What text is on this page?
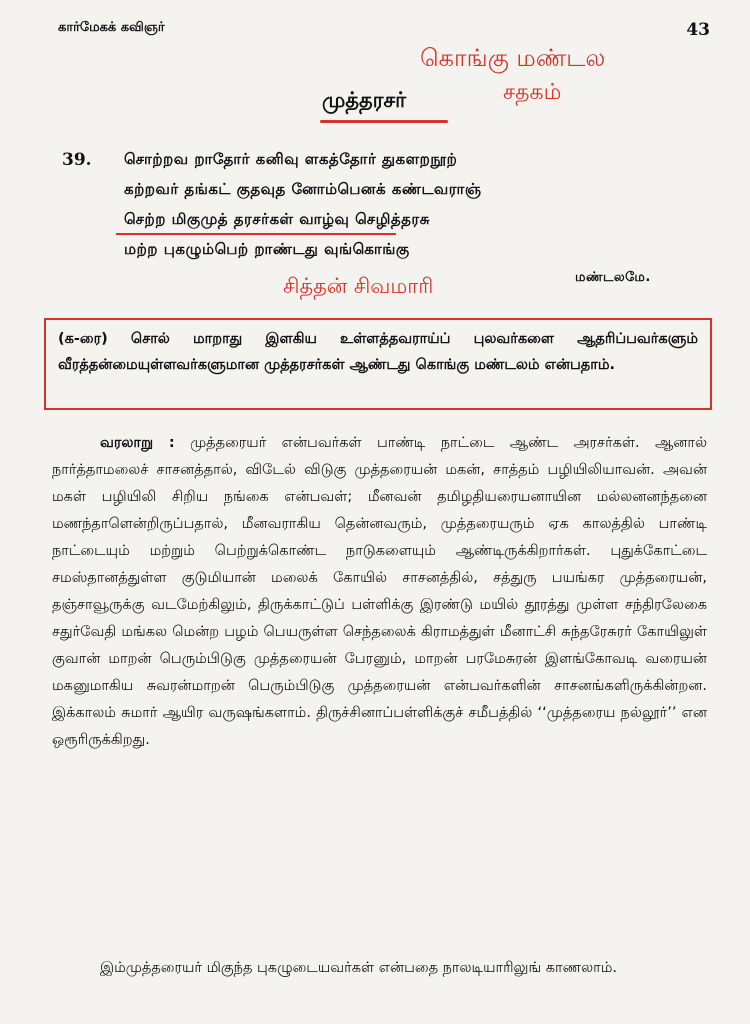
கார்மேகக் கவிஞர்	43
கொங்கு மண்டல
சதகம்
முத்தரசர்
39. சொற்றவ றாதோர் கனிவு ளகத்தோர் துகளறநூற்
கற்றவர் தங்கட் குதவுத னோம்பெனக் கண்டவராஞ்
செற்ற மிகுமுத் தரசர்கள் வாழ்வு செழித்தரசு
மற்ற புகழும்பெற் றாண்டது வுங்கொங்கு
மண்டலமே.
சித்தன் சிவமாரி
(க-ரை) சொல் மாறாது இளகிய உள்ளத்தவராய்ப் புலவர்களை ஆதரிப்பவர்களும் வீரத்தன்மையுள்ளவர்களுமான முத்தரசர்கள் ஆண்டது கொங்கு மண்டலம் என்பதாம்.

வரலாறு : முத்தரையர் என்பவர்கள் பாண்டி நாட்டை ஆண்ட அரசர்கள். ஆனால் நார்த்தாமலைச் சாசனத்தால், விடேல் விடுகு முத்தரையன் மகன், சாத்தம் பழியிலியாவன். அவன் மகள் பழியிலி சிறிய நங்கை என்பவள்; மீனவன் தமிழதியரையனாயின மல்லனனந்தனை மணந்தாளென்றிருப்பதால், மீனவராகிய தென்னவரும், முத்தரையரும் ஏக காலத்தில் பாண்டி நாட்டையும் மற்றும் பெற்றுக்கொண்ட நாடுகளையும் ஆண்டிருக்கிறார்கள். புதுக்கோட்டை சமஸ்தானத்துள்ள குடுமியான் மலைக் கோயில் சாசனத்தில், சத்துரு பயங்கர முத்தரையன், தஞ்சாவூருக்கு வடமேற்கிலும், திருக்காட்டுப் பள்ளிக்கு இரண்டு மயில் தூரத்து முள்ள சந்திரலேகை சதுர்வேதி மங்கல மென்ற பழம் பெயருள்ள செந்தலைக் கிராமத்துள் மீனாட்சி சுந்தரேசுரர் கோயிலுள் குவான் மாறன் பெரும்பிடுகு முத்தரையன் பேரனும், மாறன் பரமேசுரன் இளங்கோவடி வரையன் மகனுமாகிய சுவரன்மாறன் பெரும்பிடுகு முத்தரையன் என்பவர்களின் சாசனங்களிருக்கின்றன. இக்காலம் சுமார் ஆயிர வருஷங்களாம். திருச்சினாப்பள்ளிக்குச் சமீபத்தில் ‘‘முத்தரைய நல்லூர்’’ என ஒரூரிருக்கிறது.

இம்முத்தரையர் மிகுந்த புகழுடையவர்கள் என்பதை நாலடியாரிலுங் காணலாம்.
